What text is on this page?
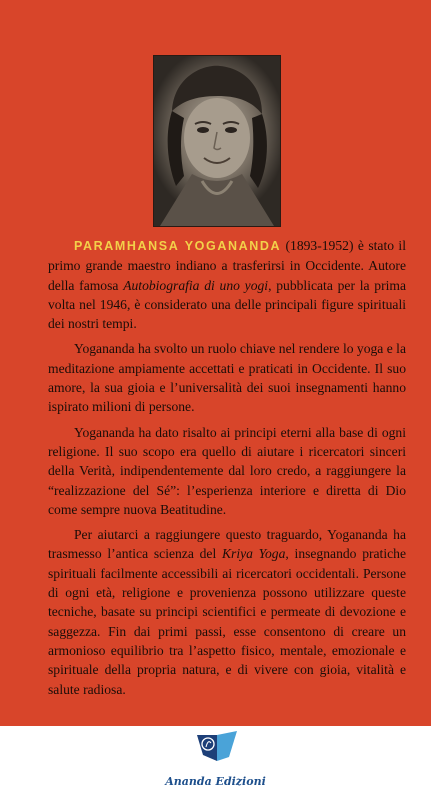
PARAMHANSA YOGANANDA (1893-1952) è stato il primo grande maestro indiano a trasferirsi in Occidente. Autore della famosa Autobiografia di uno yogi, pubblicata per la prima volta nel 1946, è considerato una delle principali figure spirituali dei nostri tempi.

Yogananda ha svolto un ruolo chiave nel rendere lo yoga e la meditazione ampiamente accettati e praticati in Occidente. Il suo amore, la sua gioia e l’universalità dei suoi insegnamenti hanno ispirato milioni di persone.

Yogananda ha dato risalto ai principi eterni alla base di ogni religione. Il suo scopo era quello di aiutare i ricercatori sinceri della Verità, indipendentemente dal loro credo, a raggiungere la “realizzazione del Sé”: l’esperienza interiore e diretta di Dio come sempre nuova Beatitudine.

Per aiutarci a raggiungere questo traguardo, Yogananda ha trasmesso l’antica scienza del Kriya Yoga, insegnando pratiche spirituali facilmente accessibili ai ricercatori occidentali. Persone di ogni età, religione e provenienza possono utilizzare queste tecniche, basate su principi scientifici e permeate di devozione e saggezza. Fin dai primi passi, esse consentono di creare un armonioso equilibrio tra l’aspetto fisico, mentale, emozionale e spirituale della propria natura, e di vivere con gioia, vitalità e salute radiosa.

Ananda Edizioni
